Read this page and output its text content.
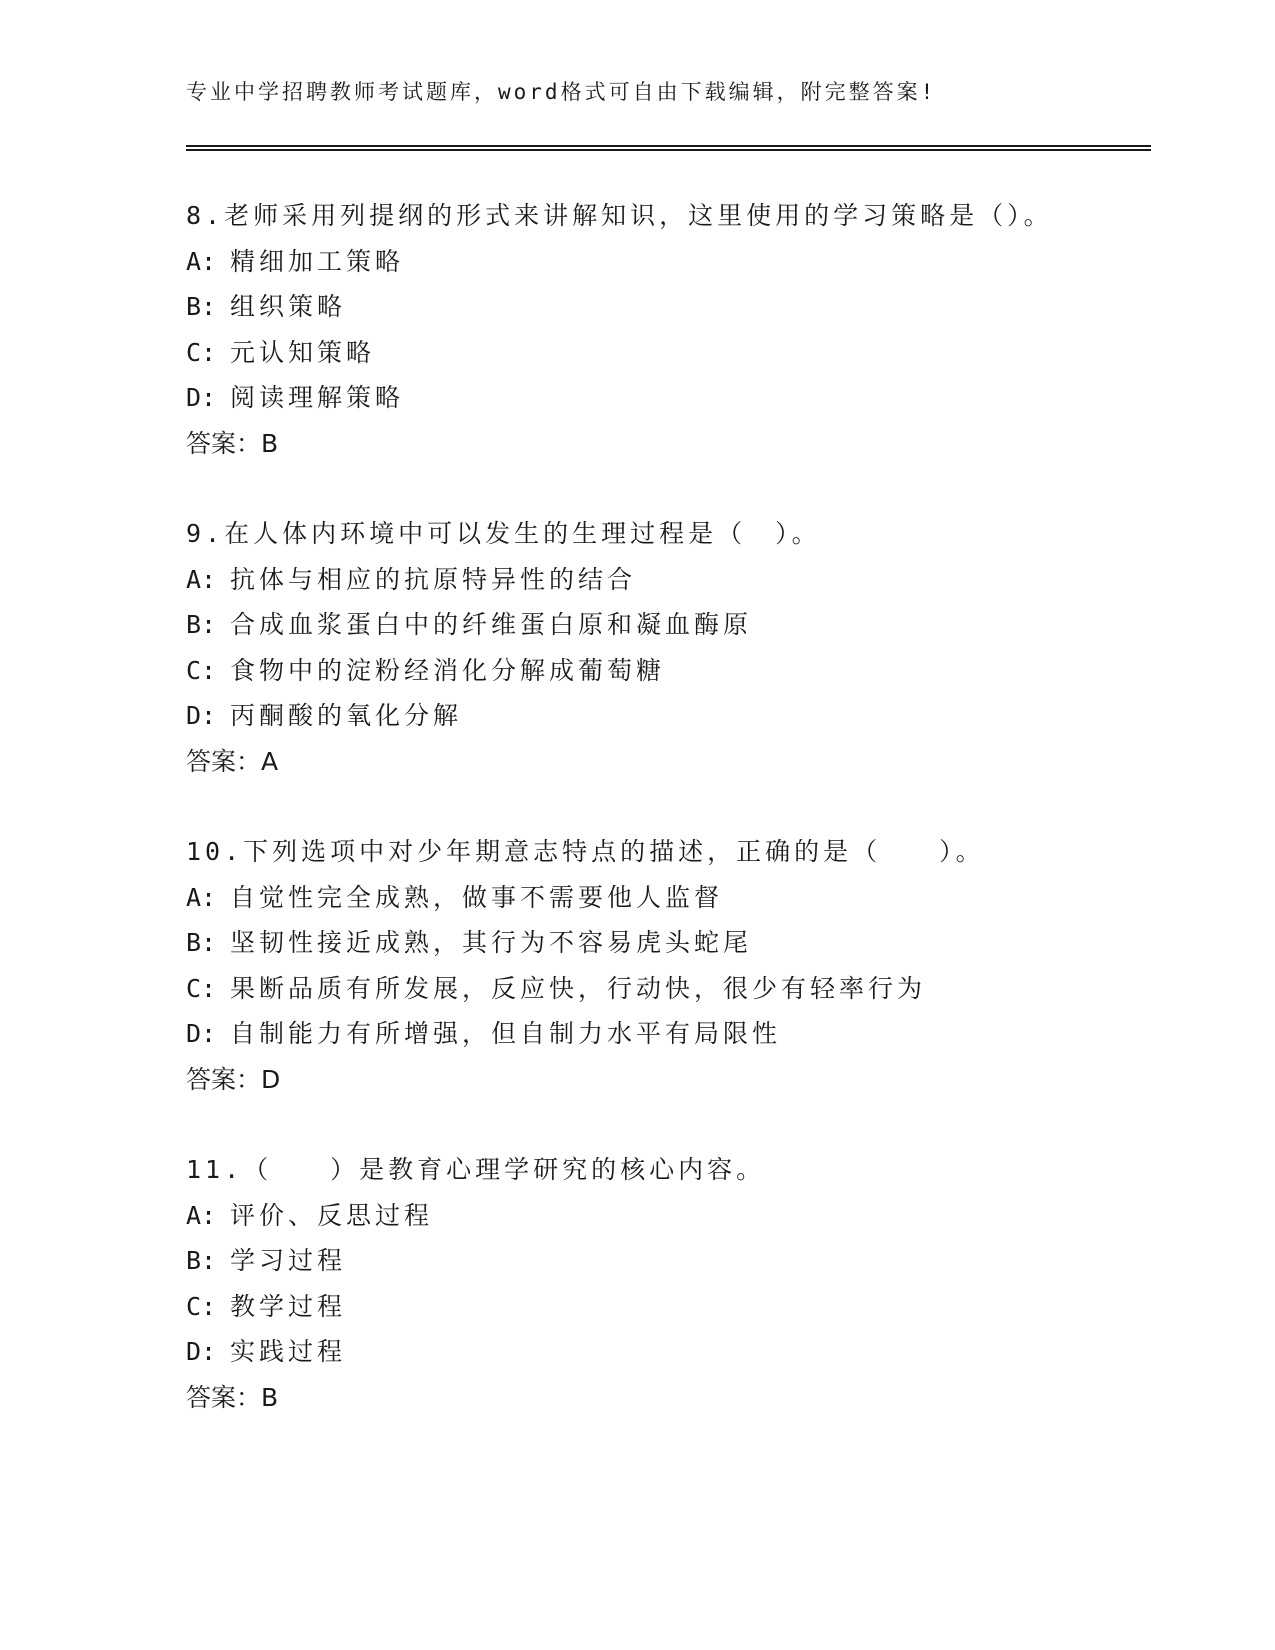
专业中学招聘教师考试题库，word格式可自由下载编辑，附完整答案!
8.老师采用列提纲的形式来讲解知识，这里使用的学习策略是（）。
A: 精细加工策略
B: 组织策略
C: 元认知策略
D: 阅读理解策略
答案：B
9.在人体内环境中可以发生的生理过程是（　）。
A: 抗体与相应的抗原特异性的结合
B: 合成血浆蛋白中的纤维蛋白原和凝血酶原
C: 食物中的淀粉经消化分解成葡萄糖
D: 丙酮酸的氧化分解
答案：A
10.下列选项中对少年期意志特点的描述，正确的是（　　）。
A: 自觉性完全成熟，做事不需要他人监督
B: 坚韧性接近成熟，其行为不容易虎头蛇尾
C: 果断品质有所发展，反应快，行动快，很少有轻率行为
D: 自制能力有所增强，但自制力水平有局限性
答案：D
11.（　　）是教育心理学研究的核心内容。
A: 评价、反思过程
B: 学习过程
C: 教学过程
D: 实践过程
答案：B
